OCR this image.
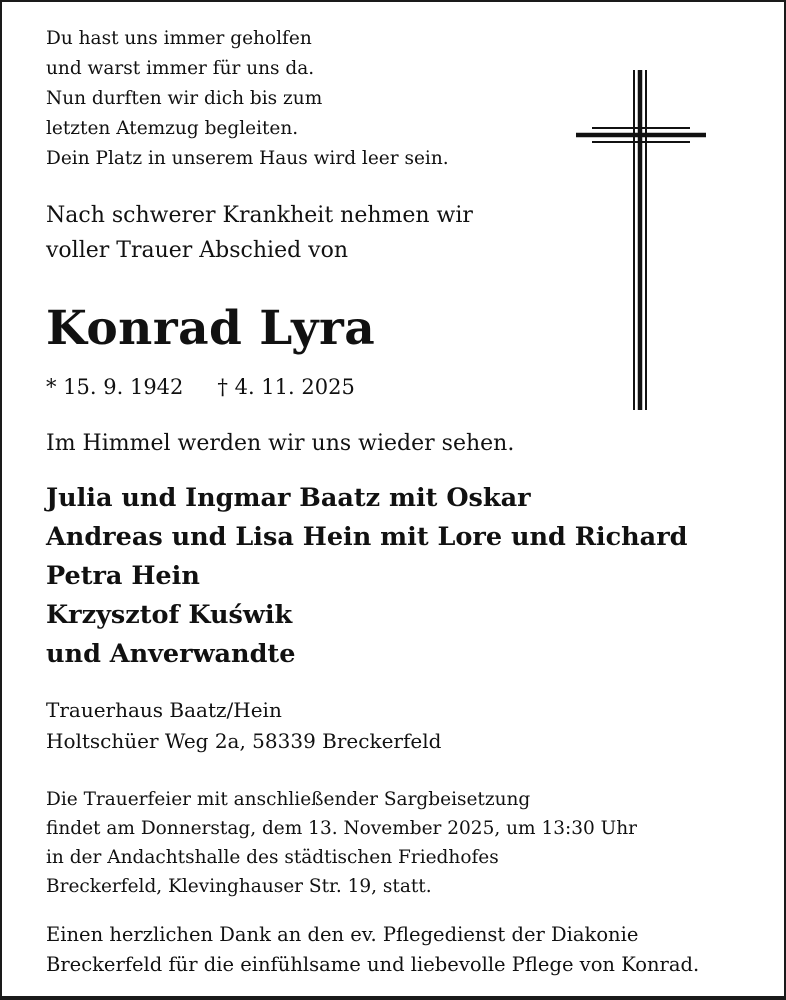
Du hast uns immer geholfen
und warst immer für uns da.
Nun durften wir dich bis zum
letzten Atemzug begleiten.
Dein Platz in unserem Haus wird leer sein.

Nach schwerer Krankheit nehmen wir
voller Trauer Abschied von

Konrad Lyra

* 15. 9. 1942 † 4. 11. 2025

Im Himmel werden wir uns wieder sehen.

Julia und Ingmar Baatz mit Oskar
Andreas und Lisa Hein mit Lore und Richard
Petra Hein
Krzysztof Kuświk
und Anverwandte

Trauerhaus Baatz/Hein
Holtschüer Weg 2a, 58339 Breckerfeld

Die Trauerfeier mit anschließender Sargbeisetzung
findet am Donnerstag, dem 13. November 2025, um 13:30 Uhr
in der Andachtshalle des städtischen Friedhofes
Breckerfeld, Klevinghauser Str. 19, statt.

Einen herzlichen Dank an den ev. Pflegedienst der Diakonie
Breckerfeld für die einfühlsame und liebevolle Pflege von Konrad.
